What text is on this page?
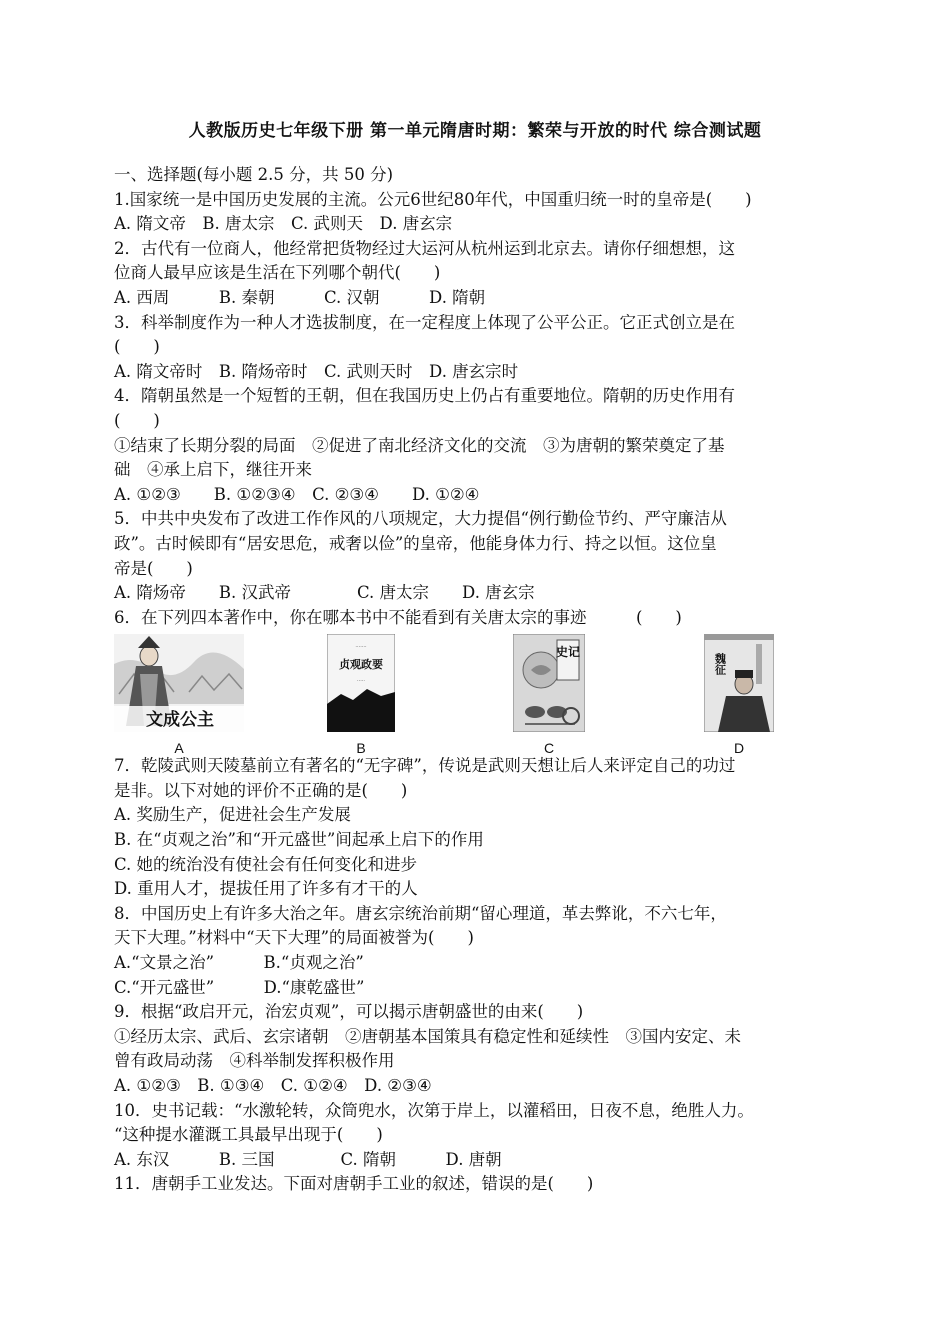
人教版历史七年级下册 第一单元隋唐时期：繁荣与开放的时代 综合测试题
一、选择题(每小题 2.5 分，共 50 分)
1.国家统一是中国历史发展的主流。公元6世纪80年代，中国重归统一时的皇帝是(　　)
A. 隋文帝　B. 唐太宗　C. 武则天　D. 唐玄宗
2．古代有一位商人，他经常把货物经过大运河从杭州运到北京去。请你仔细想想，这
位商人最早应该是生活在下列哪个朝代(　　)
A. 西周　　　B. 秦朝　　　C. 汉朝　　　D. 隋朝
3．科举制度作为一种人才选拔制度，在一定程度上体现了公平公正。它正式创立是在
(　　)
A. 隋文帝时　B. 隋炀帝时　C. 武则天时　D. 唐玄宗时
4．隋朝虽然是一个短暂的王朝，但在我国历史上仍占有重要地位。隋朝的历史作用有
(　　)
①结束了长期分裂的局面　②促进了南北经济文化的交流　③为唐朝的繁荣奠定了基
础　④承上启下，继往开来
A. ①②③　　B. ①②③④　C. ②③④　　D. ①②④
5．中共中央发布了改进工作作风的八项规定，大力提倡“例行勤俭节约、严守廉洁从
政”。古时候即有“居安思危，戒奢以俭”的皇帝，他能身体力行、持之以恒。这位皇
帝是(　　)
A. 隋炀帝　　B. 汉武帝　　　　C. 唐太宗　　D. 唐玄宗
6．在下列四本著作中，你在哪本书中不能看到有关唐太宗的事迹　　　(　　)
文成公主
A
·······
贞观政要
·····
B
史记
C
魏征
D
7．乾陵武则天陵墓前立有著名的“无字碑”，传说是武则天想让后人来评定自己的功过
是非。以下对她的评价不正确的是(　　)
A. 奖励生产，促进社会生产发展
B. 在“贞观之治”和“开元盛世”间起承上启下的作用
C. 她的统治没有使社会有任何变化和进步
D. 重用人才，提拔任用了许多有才干的人
8．中国历史上有许多大治之年。唐玄宗统治前期“留心理道，革去弊讹，不六七年，
天下大理。”材料中“天下大理”的局面被誉为(　　)
A.“文景之治”　　　B.“贞观之治”
C.“开元盛世”　　　D.“康乾盛世”
9．根据“政启开元，治宏贞观”，可以揭示唐朝盛世的由来(　　)
①经历太宗、武后、玄宗诸朝　②唐朝基本国策具有稳定性和延续性　③国内安定、未
曾有政局动荡　④科举制发挥积极作用
A. ①②③　B. ①③④　C. ①②④　D. ②③④
10．史书记载：“水激轮转，众筒兜水，次第于岸上，以灌稻田，日夜不息，绝胜人力。
“这种提水灌溉工具最早出现于(　　)
A. 东汉　　　B. 三国　　　　C. 隋朝　　　D. 唐朝
11．唐朝手工业发达。下面对唐朝手工业的叙述，错误的是(　　)
